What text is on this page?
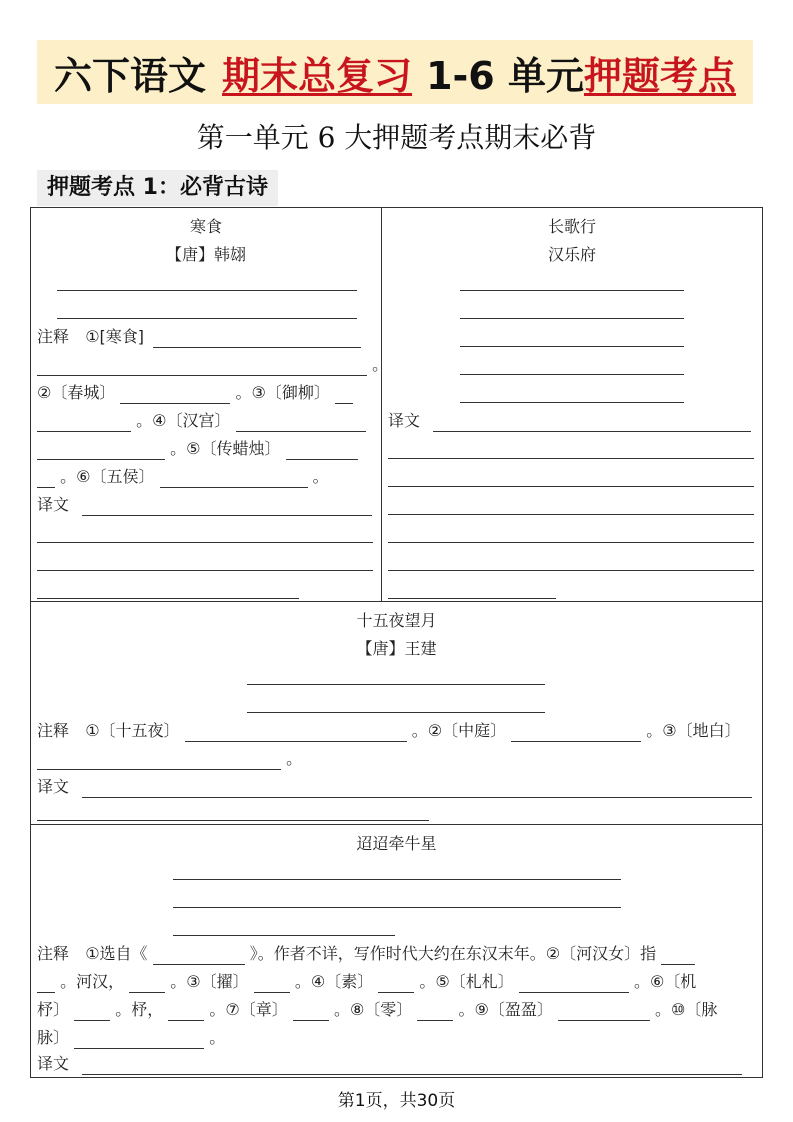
六下语文 期末总复习 1-6 单元 押题考点
第一单元 6 大押题考点期末必背
押题考点 1：必背古诗
寒食
【唐】韩翃
注释 ①[寒食]
。
②〔春城〕	。③〔御柳〕
。④〔汉宫〕
。⑤〔传蜡烛〕
。⑥〔五侯〕	。
译文
长歌行
汉乐府
译文
十五夜望月
【唐】王建
注释 ①〔十五夜〕	。②〔中庭〕	。③〔地白〕
。
译文
迢迢牵牛星
注释 ①选自《	》。作者不详，写作时代大约在东汉末年。②〔河汉女〕指
。河汉，	。③〔擢〕	。④〔素〕	。⑤〔札札〕	。⑥〔机
杼〕	。杼，	。⑦〔章〕	。⑧〔零〕	。⑨〔盈盈〕	。⑩〔脉
脉〕	。
译文
第1页，共30页
